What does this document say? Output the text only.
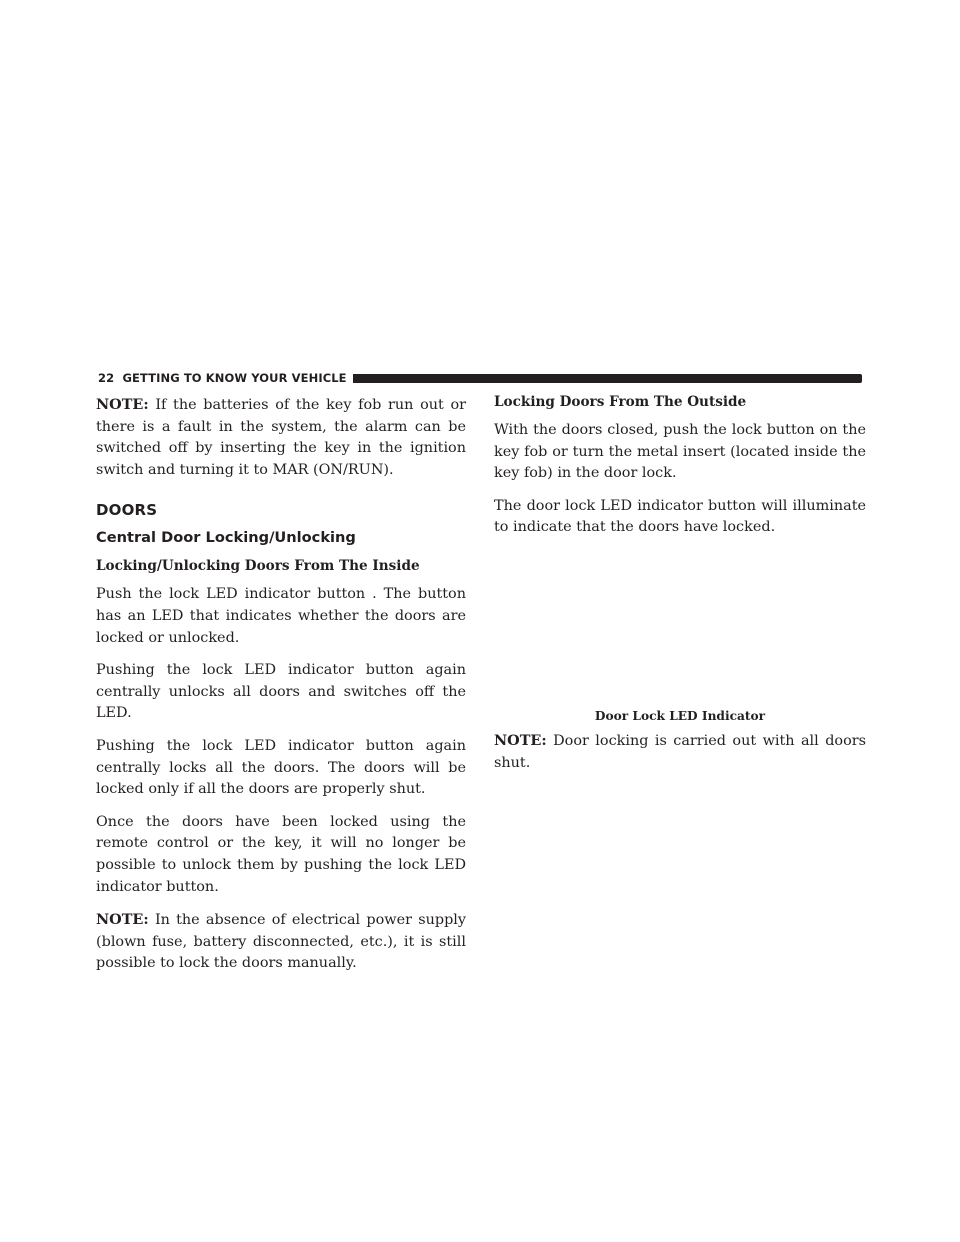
22 GETTING TO KNOW YOUR VEHICLE

NOTE: If the batteries of the key fob run out or there is a fault in the system, the alarm can be switched off by inserting the key in the ignition switch and turning it to MAR (ON/RUN).

DOORS
Central Door Locking/Unlocking
Locking/Unlocking Doors From The Inside

Push the lock LED indicator button . The button has an LED that indicates whether the doors are locked or unlocked.

Pushing the lock LED indicator button again centrally unlocks all doors and switches off the LED.

Pushing the lock LED indicator button again centrally locks all the doors. The doors will be locked only if all the doors are properly shut.

Once the doors have been locked using the remote control or the key, it will no longer be possible to unlock them by pushing the lock LED indicator button.

NOTE: In the absence of electrical power supply (blown fuse, battery disconnected, etc.), it is still possible to lock the doors manually.

Locking Doors From The Outside

With the doors closed, push the lock button on the key fob or turn the metal insert (located inside the key fob) in the door lock.

The door lock LED indicator button will illuminate to indicate that the doors have locked.

Door Lock LED Indicator

NOTE: Door locking is carried out with all doors shut.
